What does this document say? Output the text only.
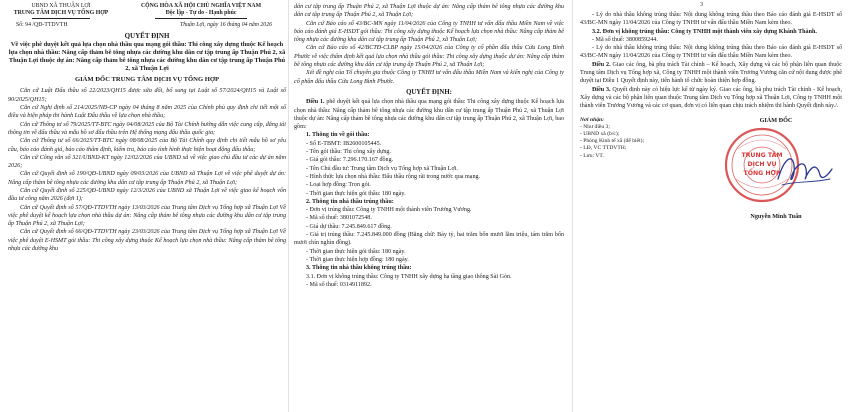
UBND XÃ THUẬN LỢI
TRUNG TÂM DỊCH VỤ TỔNG HỢP
CỘNG HÒA XÃ HỘI CHỦ NGHĨA VIỆT NAM
Độc lập - Tự do - Hạnh phúc
Số: 94 /QĐ-TTDVTH	Thuận Lợi, ngày 16 tháng 04 năm 2026
QUYẾT ĐỊNH
Về việc phê duyệt kết quả lựa chọn nhà thầu qua mạng gói thầu: Thi công xây dựng thuộc Kế hoạch lựa chọn nhà thầu: Nâng cấp thảm bê tông nhựa các đường khu dân cư tập trung ấp Thuận Phú 2, xã Thuận Lợi thuộc dự án: Nâng cấp thảm bê tông nhựa các đường khu dân cư tập trung ấp Thuận Phú 2, xã Thuận Lợi
GIÁM ĐỐC TRUNG TÂM DỊCH VỤ TỔNG HỢP
Căn cứ Luật Đấu thầu số 22/2023/QH15 được sửa đổi, bổ sung tại Luật số 57/2024/QH15 và Luật số 90/2025/QH15;
Căn cứ Nghị định số 214/2025/NĐ-CP ngày 04 tháng 8 năm 2025 của Chính phủ quy định chi tiết một số điều và biện pháp thi hành Luật Đấu thầu về lựa chọn nhà thầu;
Căn cứ Thông tư số 79/2025/TT-BTC ngày 04/08/2025 của Bộ Tài Chính hướng dẫn việc cung cấp, đăng tải thông tin về đấu thầu và mẫu hồ sơ đấu thầu trên Hệ thống mạng đấu thầu quốc gia;
Căn cứ Thông tư số 66/2025/TT-BTC ngày 08/08/2025 của Bộ Tài Chính quy định chi tiết mẫu hồ sơ yêu cầu, báo cáo đánh giá, báo cáo thẩm định, kiểm tra, báo cáo tình hình thực hiện hoạt động đấu thầu;
Căn cứ Công văn số 321/UBND-KT ngày 12/02/2026 của UBND xã về việc giao chủ đầu tư các dự án năm 2026;
Căn cứ Quyết định số 190/QĐ-UBND ngày 09/03/2026 của UBND xã Thuận Lợi về việc phê duyệt dự án: Nâng cấp thảm bê tông nhựa các đường khu dân cư tập trung ấp Thuận Phú 2, xã Thuận Lợi;
Căn cứ Quyết định số 225/QĐ-UBND ngày 12/3/2026 của UBND xã Thuận Lợi về việc giao kế hoạch vốn đầu tư công năm 2026 (đợt 1);
Căn cứ Quyết định số 57/QĐ-TTDVTH ngày 13/03/2026 của Trung tâm Dịch vụ Tổng hợp xã Thuận Lợi Về việc phê duyệt kế hoạch lựa chọn nhà thầu dự án: Nâng cấp thảm bê tông nhựa các đường khu dân cư tập trung ấp Thuận Phú 2, xã Thuận Lợi;
Căn cứ Quyết định số 66/QĐ-TTDVTH ngày 23/03/2026 của Trung tâm Dịch vụ Tổng hợp xã Thuận Lợi Về việc phê duyệt E-HSMT gói thầu: Thi công xây dựng thuộc Kế hoạch lựa chọn nhà thầu: Nâng cấp thảm bê tông nhựa các đường khu
dân cư tập trung ấp Thuận Phú 2, xã Thuận Lợi thuộc dự án: Nâng cấp thảm bê tông nhựa các đường khu dân cư tập trung ấp Thuận Phú 2, xã Thuận Lợi;
Căn cứ Báo cáo số 43/BC-MN ngày 11/04/2026 của Công ty TNHH tư vấn đấu thầu Miền Nam về việc báo cáo đánh giá E-HSDT gói thầu: Thi công xây dựng thuộc Kế hoạch lựa chọn nhà thầu: Nâng cấp thảm bê tông nhựa các đường khu dân cư tập trung ấp Thuận Phú 2, xã Thuận Lợi;
Căn cứ Báo cáo số 42/BCTĐ-CLBP ngày 15/04/2026 của Công ty cổ phần đấu thầu Cửu Long Bình Phước về việc thẩm định kết quả lựa chọn nhà thầu gói thầu: Thi công xây dựng thuộc dự án: Nâng cấp thảm bê tông nhựa các đường khu dân cư tập trung ấp Thuận Phú 2, xã Thuận Lợi;
Xét đề nghị của Tổ chuyên gia thuộc Công ty TNHH tư vấn đấu thầu Miền Nam và kiến nghị của Công ty cổ phần đấu thầu Cửu Long Bình Phước.
QUYẾT ĐỊNH:
Điều 1. phê duyệt kết quả lựa chọn nhà thầu qua mạng gói thầu: Thi công xây dựng thuộc Kế hoạch lựa chọn nhà thầu: Nâng cấp thảm bê tông nhựa các đường khu dân cư tập trung ấp Thuận Phú 2, xã Thuận Lợi thuộc dự án: Nâng cấp thảm bê tông nhựa các đường khu dân cư tập trung ấp Thuận Phú 2, xã Thuận Lợi, bao gồm:
1. Thông tin về gói thầu:
- Số E-TBMT: IB2600105445.
- Tên gói thầu: Thi công xây dựng.
- Giá gói thầu: 7.296.170.167 đồng.
- Tên Chủ đầu tư: Trung tâm Dịch vụ Tổng hợp xã Thuận Lợi.
- Hình thức lựa chọn nhà thầu: Đấu thầu rộng rãi trong nước qua mạng.
- Loại hợp đồng: Trọn gói.
- Thời gian thực hiện gói thầu: 180 ngày.
2. Thông tin nhà thầu trúng thầu:
- Đơn vị trúng thầu: Công ty TNHH một thành viên Trương Vương.
- Mã số thuế: 3801072548.
- Giá dự thầu: 7.245.849.617 đồng.
- Giá trị trúng thầu: 7.245.849.000 đồng (Bằng chữ: Bảy tỷ, hai trăm bốn mươi lăm triệu, tám trăm bốn mươi chín nghìn đồng).
- Thời gian thực hiện gói thầu: 180 ngày.
- Thời gian thực hiện hợp đồng: 180 ngày.
3. Thông tin nhà thầu không trúng thầu:
3.1. Đơn vị không trúng thầu: Công ty TNHH xây dựng hạ tầng giao thông Sài Gòn.
- Mã số thuế: 0314911892.
3
- Lý do nhà thầu không trúng thầu: Nội dung không trúng thầu theo Báo cáo đánh giá E-HSDT số 43/BC-MN ngày 11/04/2026 của Công ty TNHH tư vấn đấu thầu Miền Nam kèm theo.
3.2. Đơn vị không trúng thầu: Công ty TNHH một thành viên xây dựng Khánh Thành.
- Mã số thuế: 3800859244.
- Lý do nhà thầu không trúng thầu: Nội dung không trúng thầu theo Báo cáo đánh giá E-HSDT số 43/BC-MN ngày 11/04/2026 của Công ty TNHH tư vấn đấu thầu Miền Nam kèm theo.
Điều 2. Giao các ông, bà phụ trách Tài chính – Kế hoạch, Xây dựng và các bộ phận liên quan thuộc Trung tâm Dịch vụ Tổng hợp xã, Công ty TNHH một thành viên Trương Vương căn cứ nội dung được phê duyệt tại Điều 1 Quyết định này, tiến hành tổ chức hoàn thiện hợp đồng.
Điều 3. Quyết định này có hiệu lực kể từ ngày ký. Giao các ông, bà phụ trách Tài chính - Kế hoạch, Xây dựng và các bộ phận liên quan thuộc Trung tâm Dịch vụ Tổng hợp xã Thuận Lợi, Công ty TNHH một thành viên Trương Vương và các cơ quan, đơn vị có liên quan chịu trách nhiệm thi hành Quyết định này./.
Nơi nhận:
- Như điều 3;
- UBND xã (b/c);
- Phòng Kinh tế xã (để biết);
- LĐ, VC TTDVTH;
- Lưu: VT.
GIÁM ĐỐC
TRUNG TÂM
DỊCH VỤ
TỔNG HỢP
Nguyễn Minh Tuấn
